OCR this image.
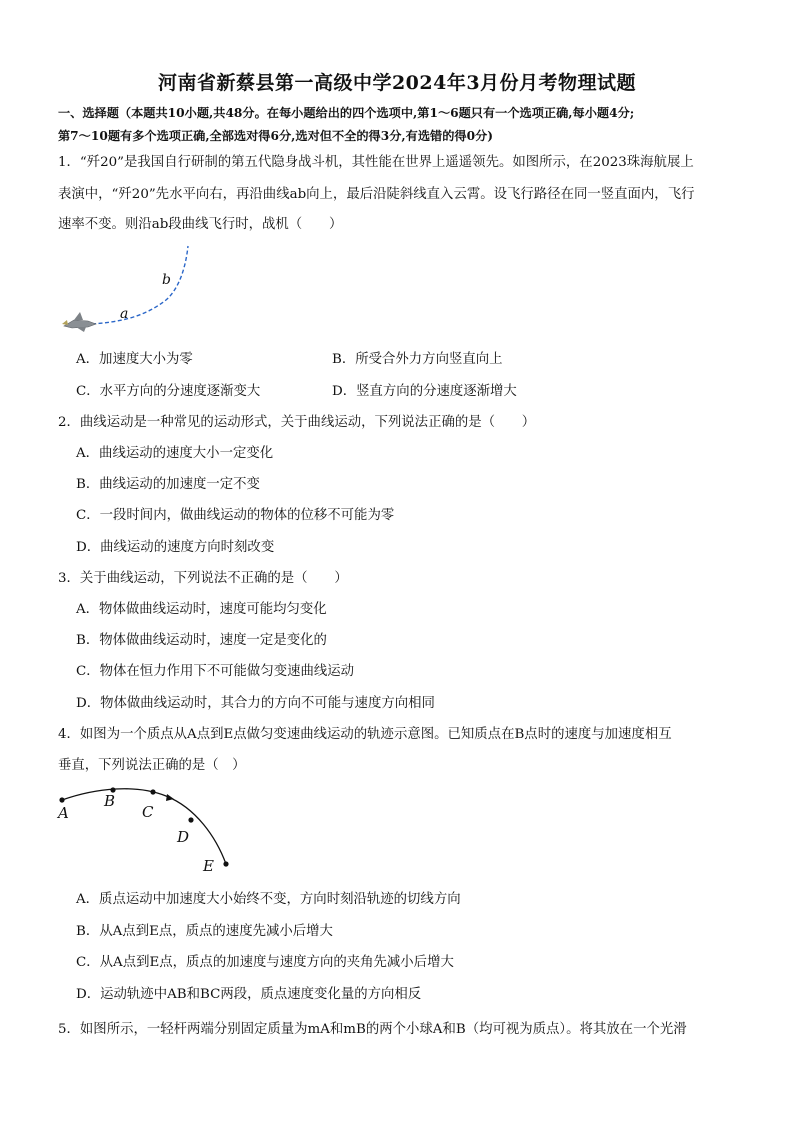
河南省新蔡县第一高级中学2024年3月份月考物理试题
一、选择题（本题共10小题,共48分。在每小题给出的四个选项中,第1～6题只有一个选项正确,每小题4分;
第7～10题有多个选项正确,全部选对得6分,选对但不全的得3分,有选错的得0分)
1．“歼20”是我国自行研制的第五代隐身战斗机，其性能在世界上遥遥领先。如图所示，在2023珠海航展上
表演中，“歼20”先水平向右，再沿曲线ab向上，最后沿陡斜线直入云霄。设飞行路径在同一竖直面内，飞行
速率不变。则沿ab段曲线飞行时，战机（　　）
a
b
A．加速度大小为零	B．所受合外力方向竖直向上
C．水平方向的分速度逐渐变大	D．竖直方向的分速度逐渐增大
2．曲线运动是一种常见的运动形式，关于曲线运动，下列说法正确的是（　　）
A．曲线运动的速度大小一定变化
B．曲线运动的加速度一定不变
C．一段时间内，做曲线运动的物体的位移不可能为零
D．曲线运动的速度方向时刻改变
3．关于曲线运动，下列说法不正确的是（　　）
A．物体做曲线运动时，速度可能均匀变化
B．物体做曲线运动时，速度一定是变化的
C．物体在恒力作用下不可能做匀变速曲线运动
D．物体做曲线运动时，其合力的方向不可能与速度方向相同
4．如图为一个质点从A点到E点做匀变速曲线运动的轨迹示意图。已知质点在B点时的速度与加速度相互
垂直，下列说法正确的是（　）
A
B
C
D
E
A．质点运动中加速度大小始终不变，方向时刻沿轨迹的切线方向
B．从A点到E点，质点的速度先减小后增大
C．从A点到E点，质点的加速度与速度方向的夹角先减小后增大
D．运动轨迹中AB和BC两段，质点速度变化量的方向相反
5．如图所示，一轻杆两端分别固定质量为mA和mB的两个小球A和B（均可视为质点）。将其放在一个光滑
